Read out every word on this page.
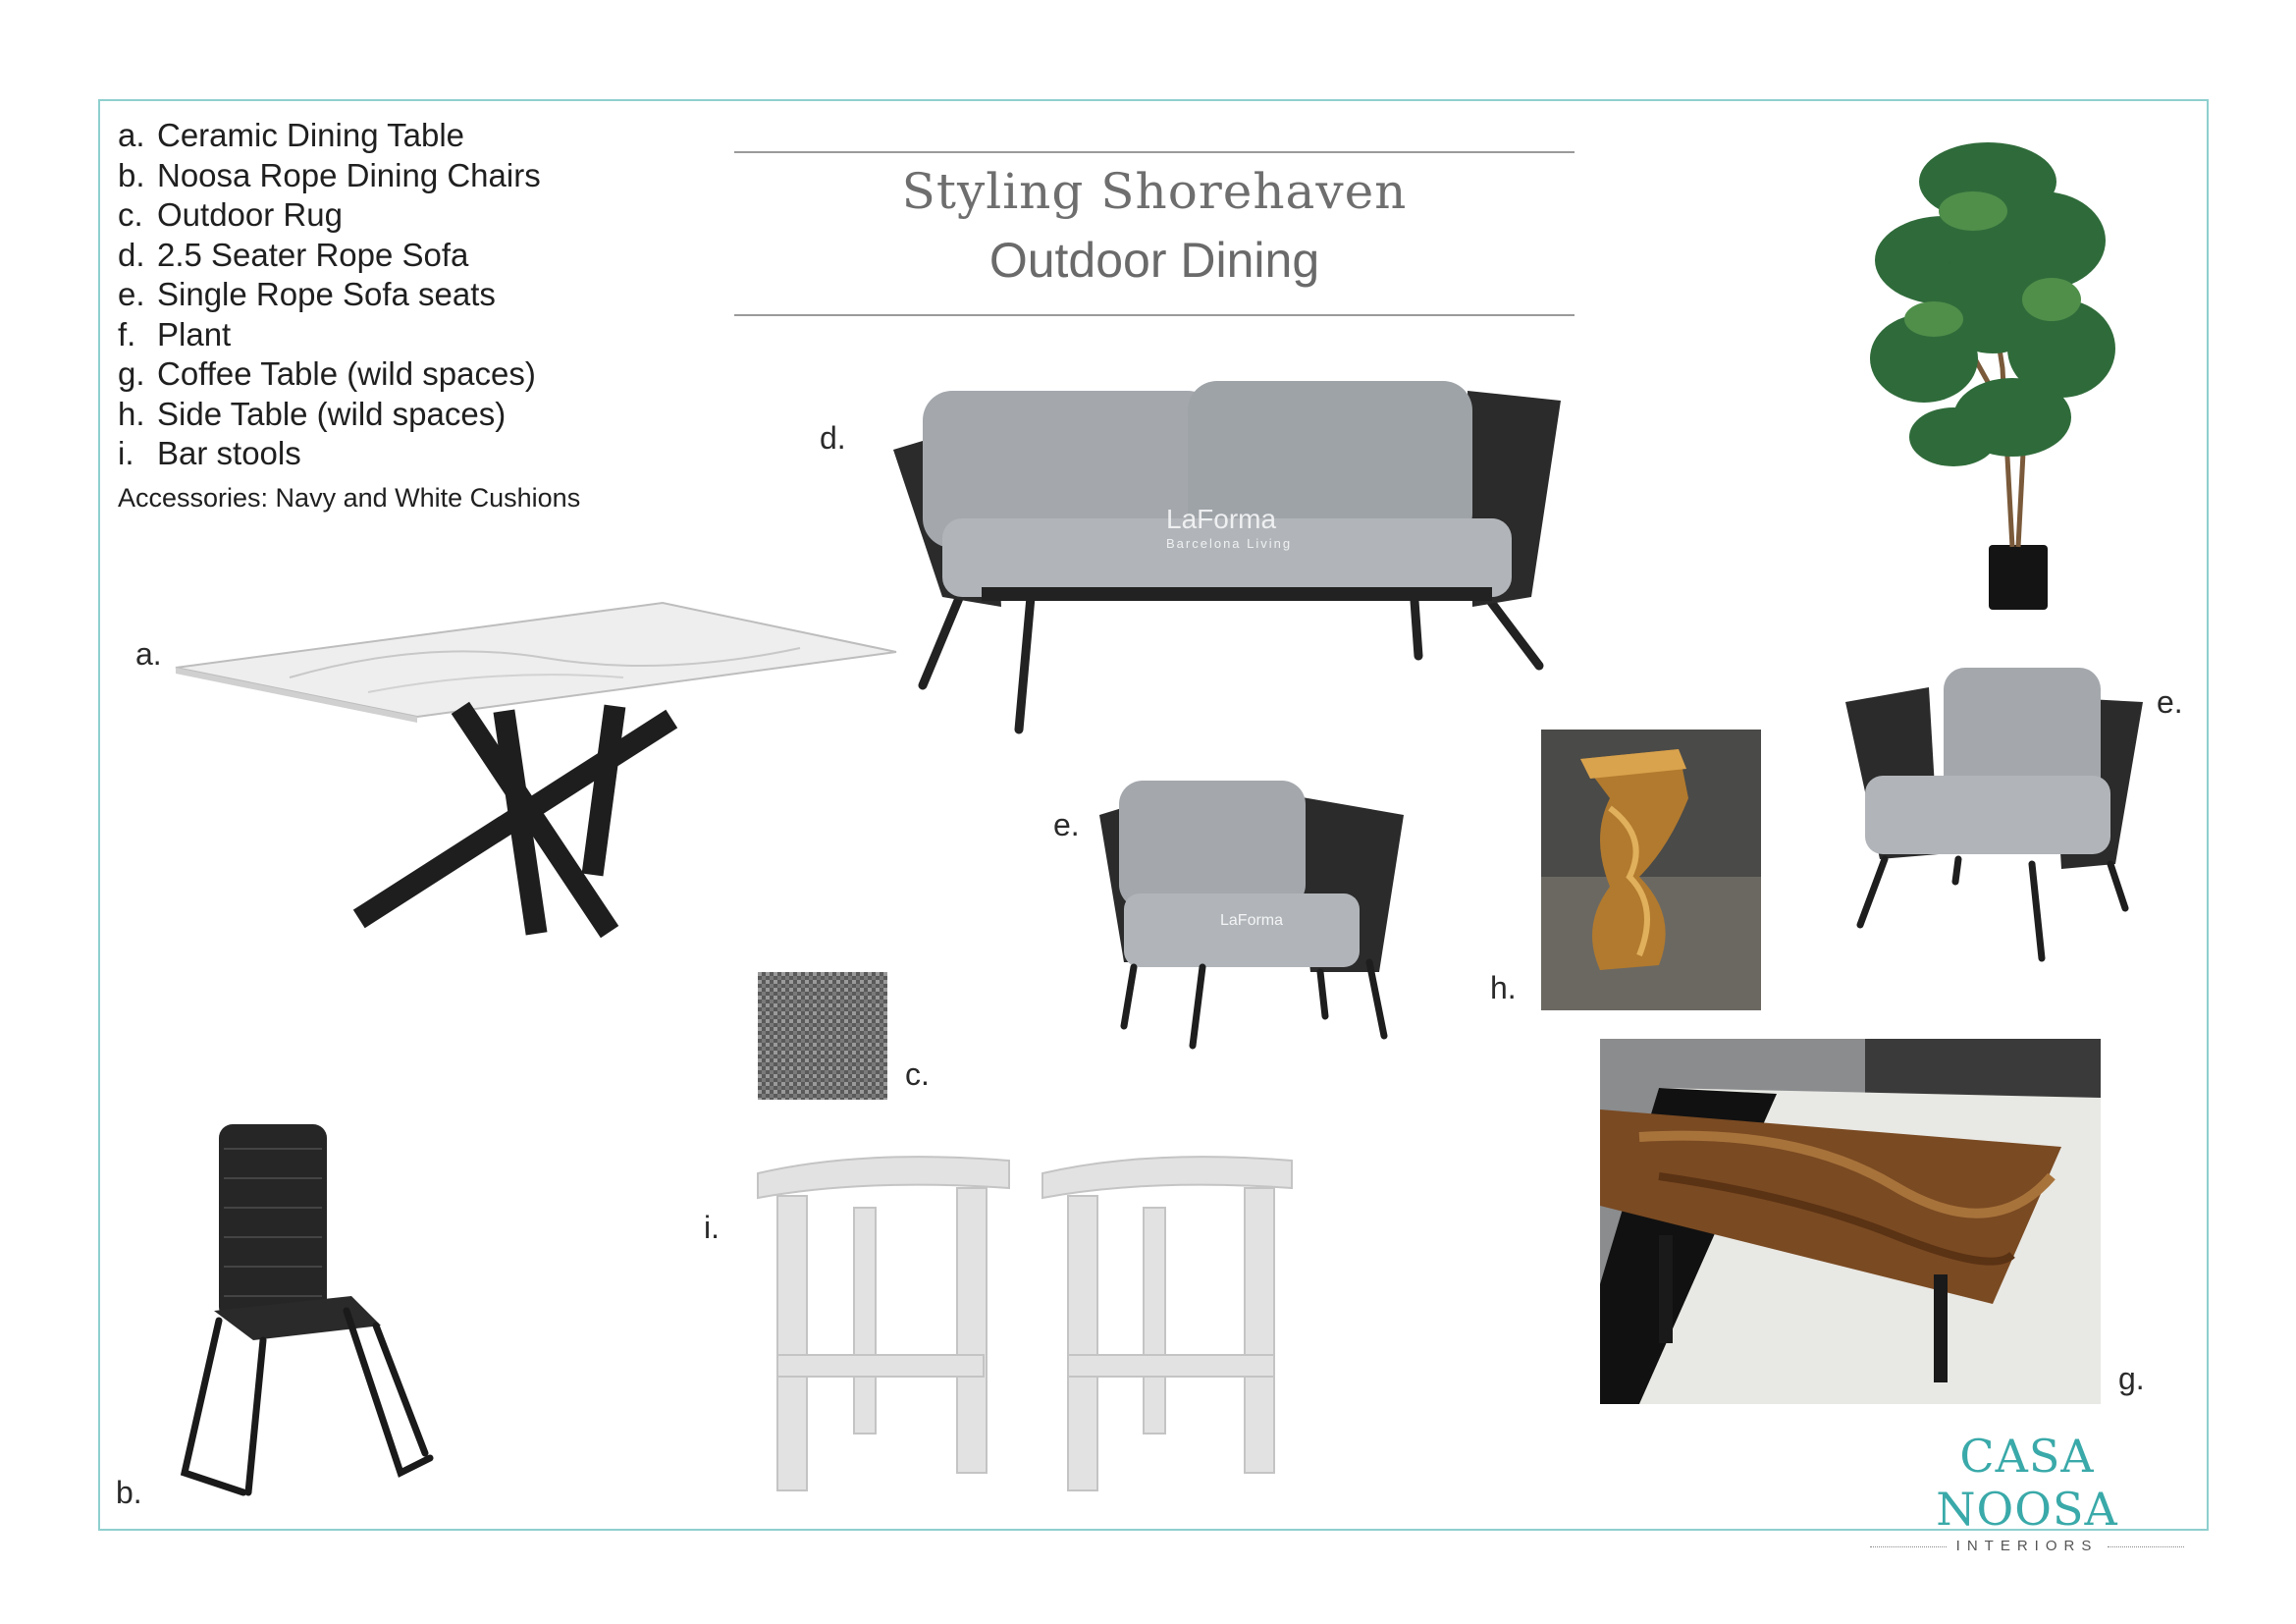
a. Ceramic Dining Table
b. Noosa Rope Dining Chairs
c. Outdoor Rug
d. 2.5 Seater Rope Sofa
e. Single Rope Sofa seats
f. Plant
g. Coffee Table (wild spaces)
h. Side Table (wild spaces)
i. Bar stools
Accessories: Navy and White Cushions
Styling Shorehaven
Outdoor Dining
LaForma
Barcelona Living
LaForma
a.
b.
c.
d.
e.
e.
g.
h.
i.
CASA NOOSA
INTERIORS
